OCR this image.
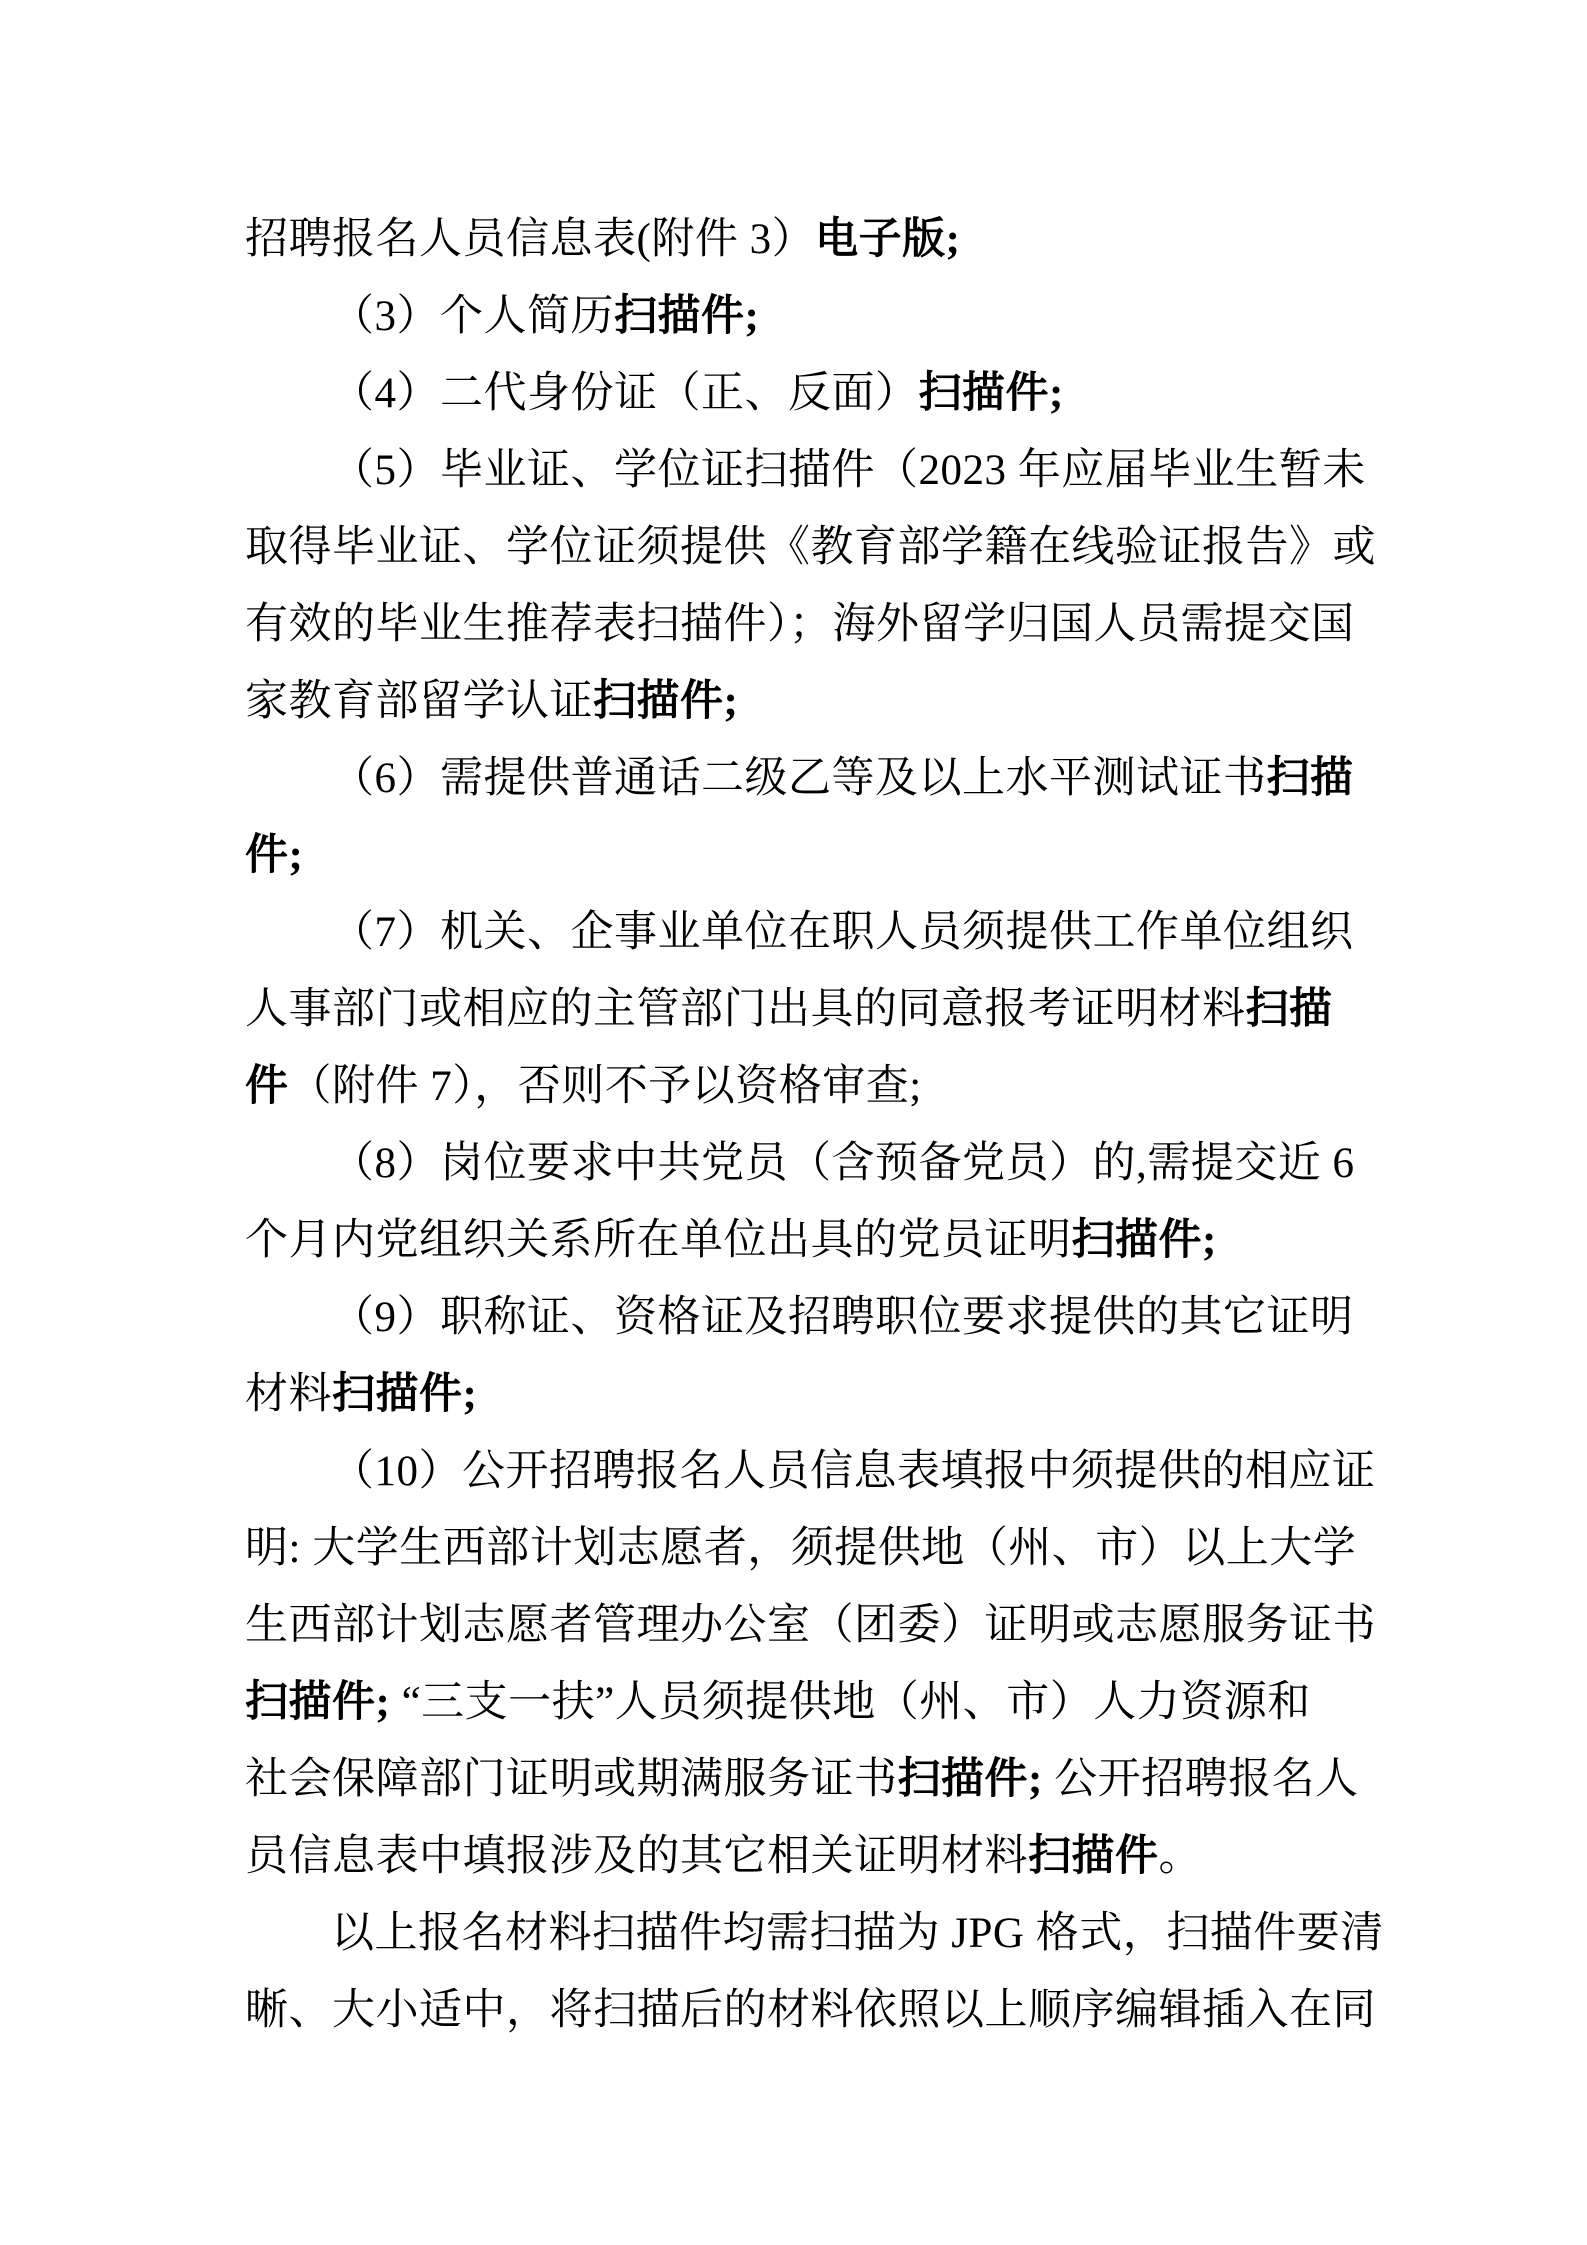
招聘报名人员信息表(附件 3）电子版;
（3）个人简历扫描件;
（4）二代身份证（正、反面）扫描件;
（5）毕业证、学位证扫描件（2023 年应届毕业生暂未
取得毕业证、学位证须提供《教育部学籍在线验证报告》或
有效的毕业生推荐表扫描件）；海外留学归国人员需提交国
家教育部留学认证扫描件;
（6）需提供普通话二级乙等及以上水平测试证书扫描
件;
（7）机关、企事业单位在职人员须提供工作单位组织
人事部门或相应的主管部门出具的同意报考证明材料扫描
件（附件 7），否则不予以资格审查;
（8）岗位要求中共党员（含预备党员）的,需提交近 6
个月内党组织关系所在单位出具的党员证明扫描件;
（9）职称证、资格证及招聘职位要求提供的其它证明
材料扫描件;
（10）公开招聘报名人员信息表填报中须提供的相应证
明: 大学生西部计划志愿者，须提供地（州、市）以上大学
生西部计划志愿者管理办公室（团委）证明或志愿服务证书
扫描件; “三支一扶”人员须提供地（州、市）人力资源和
社会保障部门证明或期满服务证书扫描件; 公开招聘报名人
员信息表中填报涉及的其它相关证明材料扫描件。
以上报名材料扫描件均需扫描为 JPG 格式，扫描件要清
晰、大小适中，将扫描后的材料依照以上顺序编辑插入在同
